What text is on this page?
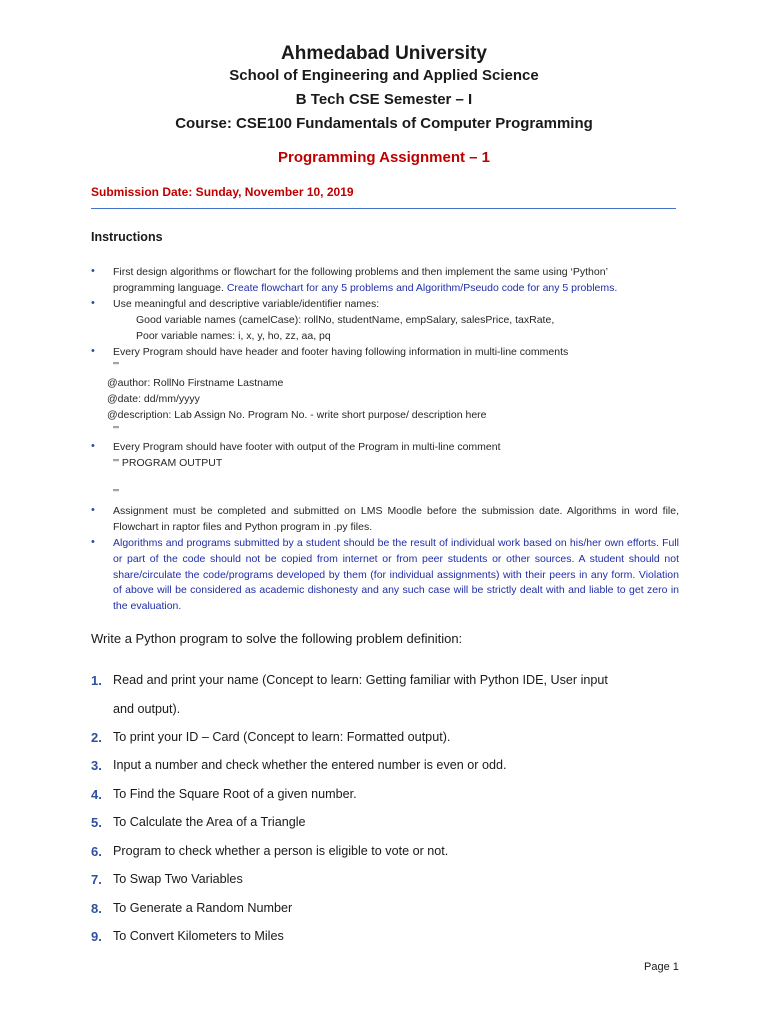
Ahmedabad University
School of Engineering and Applied Science
B Tech CSE Semester – I
Course: CSE100 Fundamentals of Computer Programming
Programming Assignment – 1
Submission Date: Sunday, November 10, 2019
Instructions
• First design algorithms or flowchart for the following problems and then implement the same using ‘Python’
programming language. Create flowchart for any 5 problems and Algorithm/Pseudo code for any 5 problems.
• Use meaningful and descriptive variable/identifier names:
Good variable names (camelCase): rollNo, studentName, empSalary, salesPrice, taxRate,
Poor variable names: i, x, y, ho, zz, aa, pq
• Every Program should have header and footer having following information in multi-line comments
'''
@author: RollNo Firstname Lastname
@date: dd/mm/yyyy
@description: Lab Assign No. Program No. - write short purpose/ description here
'''
• Every Program should have footer with output of the Program in multi-line comment
''' PROGRAM OUTPUT
'''
• Assignment must be completed and submitted on LMS Moodle before the submission date. Algorithms in word file, Flowchart in raptor files and Python program in .py files.
• Algorithms and programs submitted by a student should be the result of individual work based on his/her own efforts. Full or part of the code should not be copied from internet or from peer students or other sources. A student should not share/circulate the code/programs developed by them (for individual assignments) with their peers in any form. Violation of above will be considered as academic dishonesty and any such case will be strictly dealt with and liable to get zero in the evaluation.
Write a Python program to solve the following problem definition:
1. Read and print your name (Concept to learn: Getting familiar with Python IDE, User input
and output).
2. To print your ID – Card (Concept to learn: Formatted output).
3. Input a number and check whether the entered number is even or odd.
4. To Find the Square Root of a given number.
5. To Calculate the Area of a Triangle
6. Program to check whether a person is eligible to vote or not.
7. To Swap Two Variables
8. To Generate a Random Number
9. To Convert Kilometers to Miles
Page 1
